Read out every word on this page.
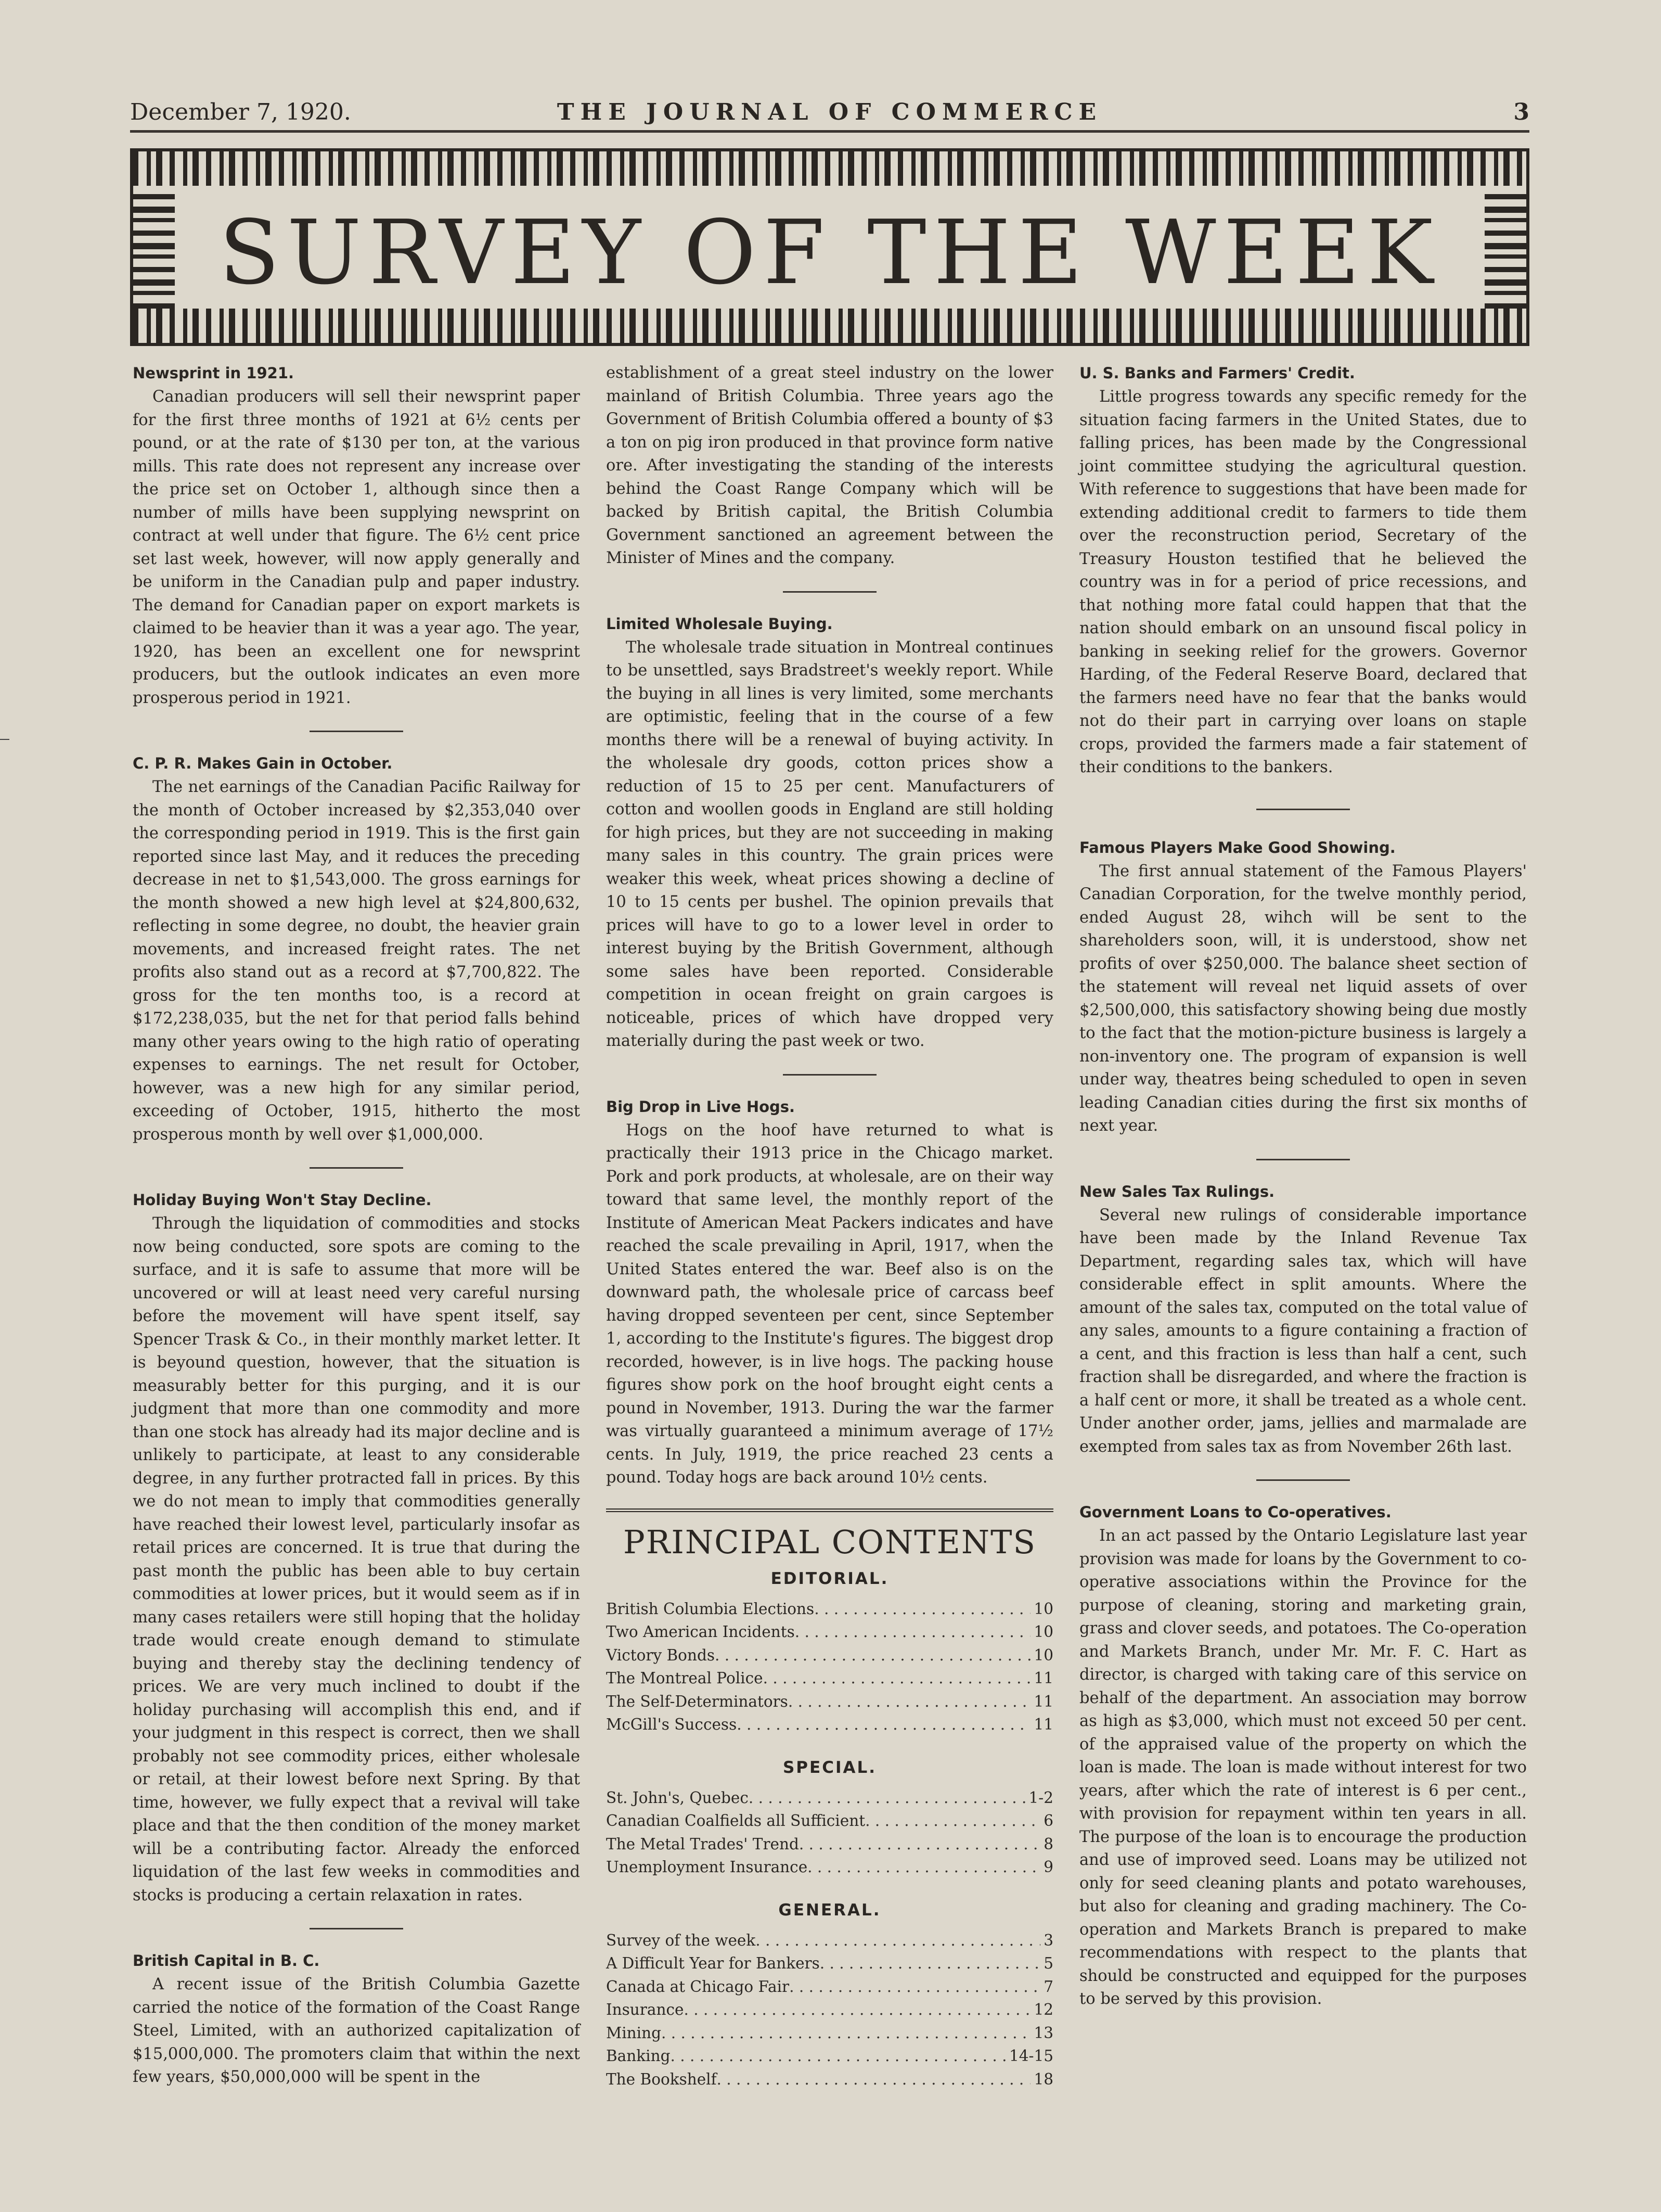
December 7, 1920.	THE JOURNAL OF COMMERCE	3
SURVEY OF THE WEEK
Newsprint in 1921.

Canadian producers will sell their newsprint paper for the first three months of 1921 at 6½ cents per pound, or at the rate of $130 per ton, at the various mills. This rate does not represent any increase over the price set on October 1, although since then a number of mills have been supplying newsprint on contract at well under that figure. The 6½ cent price set last week, however, will now apply generally and be uniform in the Canadian pulp and paper industry. The demand for Canadian paper on export markets is claimed to be heavier than it was a year ago. The year, 1920, has been an excellent one for newsprint producers, but the outlook indicates an even more prosperous period in 1921.

C. P. R. Makes Gain in October.

The net earnings of the Canadian Pacific Railway for the month of October increased by $2,353,040 over the corresponding period in 1919. This is the first gain reported since last May, and it reduces the preceding decrease in net to $1,543,000. The gross earnings for the month showed a new high level at $24,800,632, reflecting in some degree, no doubt, the heavier grain movements, and increased freight rates. The net profits also stand out as a record at $7,700,822. The gross for the ten months too, is a record at $172,238,035, but the net for that period falls behind many other years owing to the high ratio of operating expenses to earnings. The net result for October, however, was a new high for any similar period, exceeding of October, 1915, hitherto the most prosperous month by well over $1,000,000.

Holiday Buying Won't Stay Decline.

Through the liquidation of commodities and stocks now being conducted, sore spots are coming to the surface, and it is safe to assume that more will be uncovered or will at least need very careful nursing before the movement will have spent itself, say Spencer Trask & Co., in their monthly market letter. It is beyound question, however, that the situation is measurably better for this purging, and it is our judgment that more than one commodity and more than one stock has already had its major decline and is unlikely to participate, at least to any considerable degree, in any further protracted fall in prices. By this we do not mean to imply that commodities generally have reached their lowest level, particularly insofar as retail prices are concerned. It is true that during the past month the public has been able to buy certain commodities at lower prices, but it would seem as if in many cases retailers were still hoping that the holiday trade would create enough demand to stimulate buying and thereby stay the declining tendency of prices. We are very much inclined to doubt if the holiday purchasing will accomplish this end, and if your judgment in this respect is correct, then we shall probably not see commodity prices, either wholesale or retail, at their lowest before next Spring. By that time, however, we fully expect that a revival will take place and that the then condition of the money market will be a contributing factor. Already the enforced liquidation of the last few weeks in commodities and stocks is producing a certain relaxation in rates.

British Capital in B. C.

A recent issue of the British Columbia Gazette carried the notice of the formation of the Coast Range Steel, Limited, with an authorized capitalization of $15,000,000. The promoters claim that within the next few years, $50,000,000 will be spent in the

establishment of a great steel industry on the lower mainland of British Columbia. Three years ago the Government of British Columbia offered a bounty of $3 a ton on pig iron produced in that province form native ore. After investigating the standing of the interests behind the Coast Range Company which will be backed by British capital, the British Columbia Government sanctioned an agreement between the Minister of Mines and the company.

Limited Wholesale Buying.

The wholesale trade situation in Montreal continues to be unsettled, says Bradstreet's weekly report. While the buying in all lines is very limited, some merchants are optimistic, feeling that in the course of a few months there will be a renewal of buying activity. In the wholesale dry goods, cotton prices show a reduction of 15 to 25 per cent. Manufacturers of cotton and woollen goods in England are still holding for high prices, but they are not succeeding in making many sales in this country. The grain prices were weaker this week, wheat prices showing a decline of 10 to 15 cents per bushel. The opinion prevails that prices will have to go to a lower level in order to interest buying by the British Government, although some sales have been reported. Considerable competition in ocean freight on grain cargoes is noticeable, prices of which have dropped very materially during the past week or two.

Big Drop in Live Hogs.

Hogs on the hoof have returned to what is practically their 1913 price in the Chicago market. Pork and pork products, at wholesale, are on their way toward that same level, the monthly report of the Institute of American Meat Packers indicates and have reached the scale prevailing in April, 1917, when the United States entered the war. Beef also is on the downward path, the wholesale price of carcass beef having dropped seventeen per cent, since September 1, according to the Institute's figures. The biggest drop recorded, however, is in live hogs. The packing house figures show pork on the hoof brought eight cents a pound in November, 1913. During the war the farmer was virtually guaranteed a minimum average of 17½ cents. In July, 1919, the price reached 23 cents a pound. Today hogs are back around 10½ cents.

PRINCIPAL CONTENTS
EDITORIAL.
British Columbia Elections . . .	10
Two American Incidents . . .	10
Victory Bonds . . .	10
The Montreal Police . . .	11
The Self-Determinators . . .	11
McGill's Success . . .	11
SPECIAL.
St. John's, Quebec . . .	1-2
Canadian Coalfields all Sufficient . . .	6
The Metal Trades' Trend . . .	8
Unemployment Insurance . . .	9
GENERAL.
Survey of the week . . .	3
A Difficult Year for Bankers . . .	5
Canada at Chicago Fair . . .	7
Insurance . . .	12
Mining . . .	13
Banking . . .	14-15
The Bookshelf . . .	18
U. S. Banks and Farmers' Credit.

Little progress towards any specific remedy for the situation facing farmers in the United States, due to falling prices, has been made by the Congressional joint committee studying the agricultural question. With reference to suggestions that have been made for extending additional credit to farmers to tide them over the reconstruction period, Secretary of the Treasury Houston testified that he believed the country was in for a period of price recessions, and that nothing more fatal could happen that that the nation should embark on an unsound fiscal policy in banking in seeking relief for the growers. Governor Harding, of the Federal Reserve Board, declared that the farmers need have no fear that the banks would not do their part in carrying over loans on staple crops, provided the farmers made a fair statement of their conditions to the bankers.

Famous Players Make Good Showing.

The first annual statement of the Famous Players' Canadian Corporation, for the twelve monthly period, ended August 28, wihch will be sent to the shareholders soon, will, it is understood, show net profits of over $250,000. The balance sheet section of the statement will reveal net liquid assets of over $2,500,000, this satisfactory showing being due mostly to the fact that the motion-picture business is largely a non-inventory one. The program of expansion is well under way, theatres being scheduled to open in seven leading Canadian cities during the first six months of next year.

New Sales Tax Rulings.

Several new rulings of considerable importance have been made by the Inland Revenue Tax Department, regarding sales tax, which will have considerable effect in split amounts. Where the amount of the sales tax, computed on the total value of any sales, amounts to a figure containing a fraction of a cent, and this fraction is less than half a cent, such fraction shall be disregarded, and where the fraction is a half cent or more, it shall be treated as a whole cent. Under another order, jams, jellies and marmalade are exempted from sales tax as from November 26th last.

Government Loans to Co-operatives.

In an act passed by the Ontario Legislature last year provision was made for loans by the Government to co-operative associations within the Province for the purpose of cleaning, storing and marketing grain, grass and clover seeds, and potatoes. The Co-operation and Markets Branch, under Mr. Mr. F. C. Hart as director, is charged with taking care of this service on behalf of the department. An association may borrow as high as $3,000, which must not exceed 50 per cent. of the appraised value of the property on which the loan is made. The loan is made without interest for two years, after which the rate of interest is 6 per cent., with provision for repayment within ten years in all. The purpose of the loan is to encourage the production and use of improved seed. Loans may be utilized not only for seed cleaning plants and potato warehouses, but also for cleaning and grading machinery. The Co-operation and Markets Branch is prepared to make recommendations with respect to the plants that should be constructed and equipped for the purposes to be served by this provision.
